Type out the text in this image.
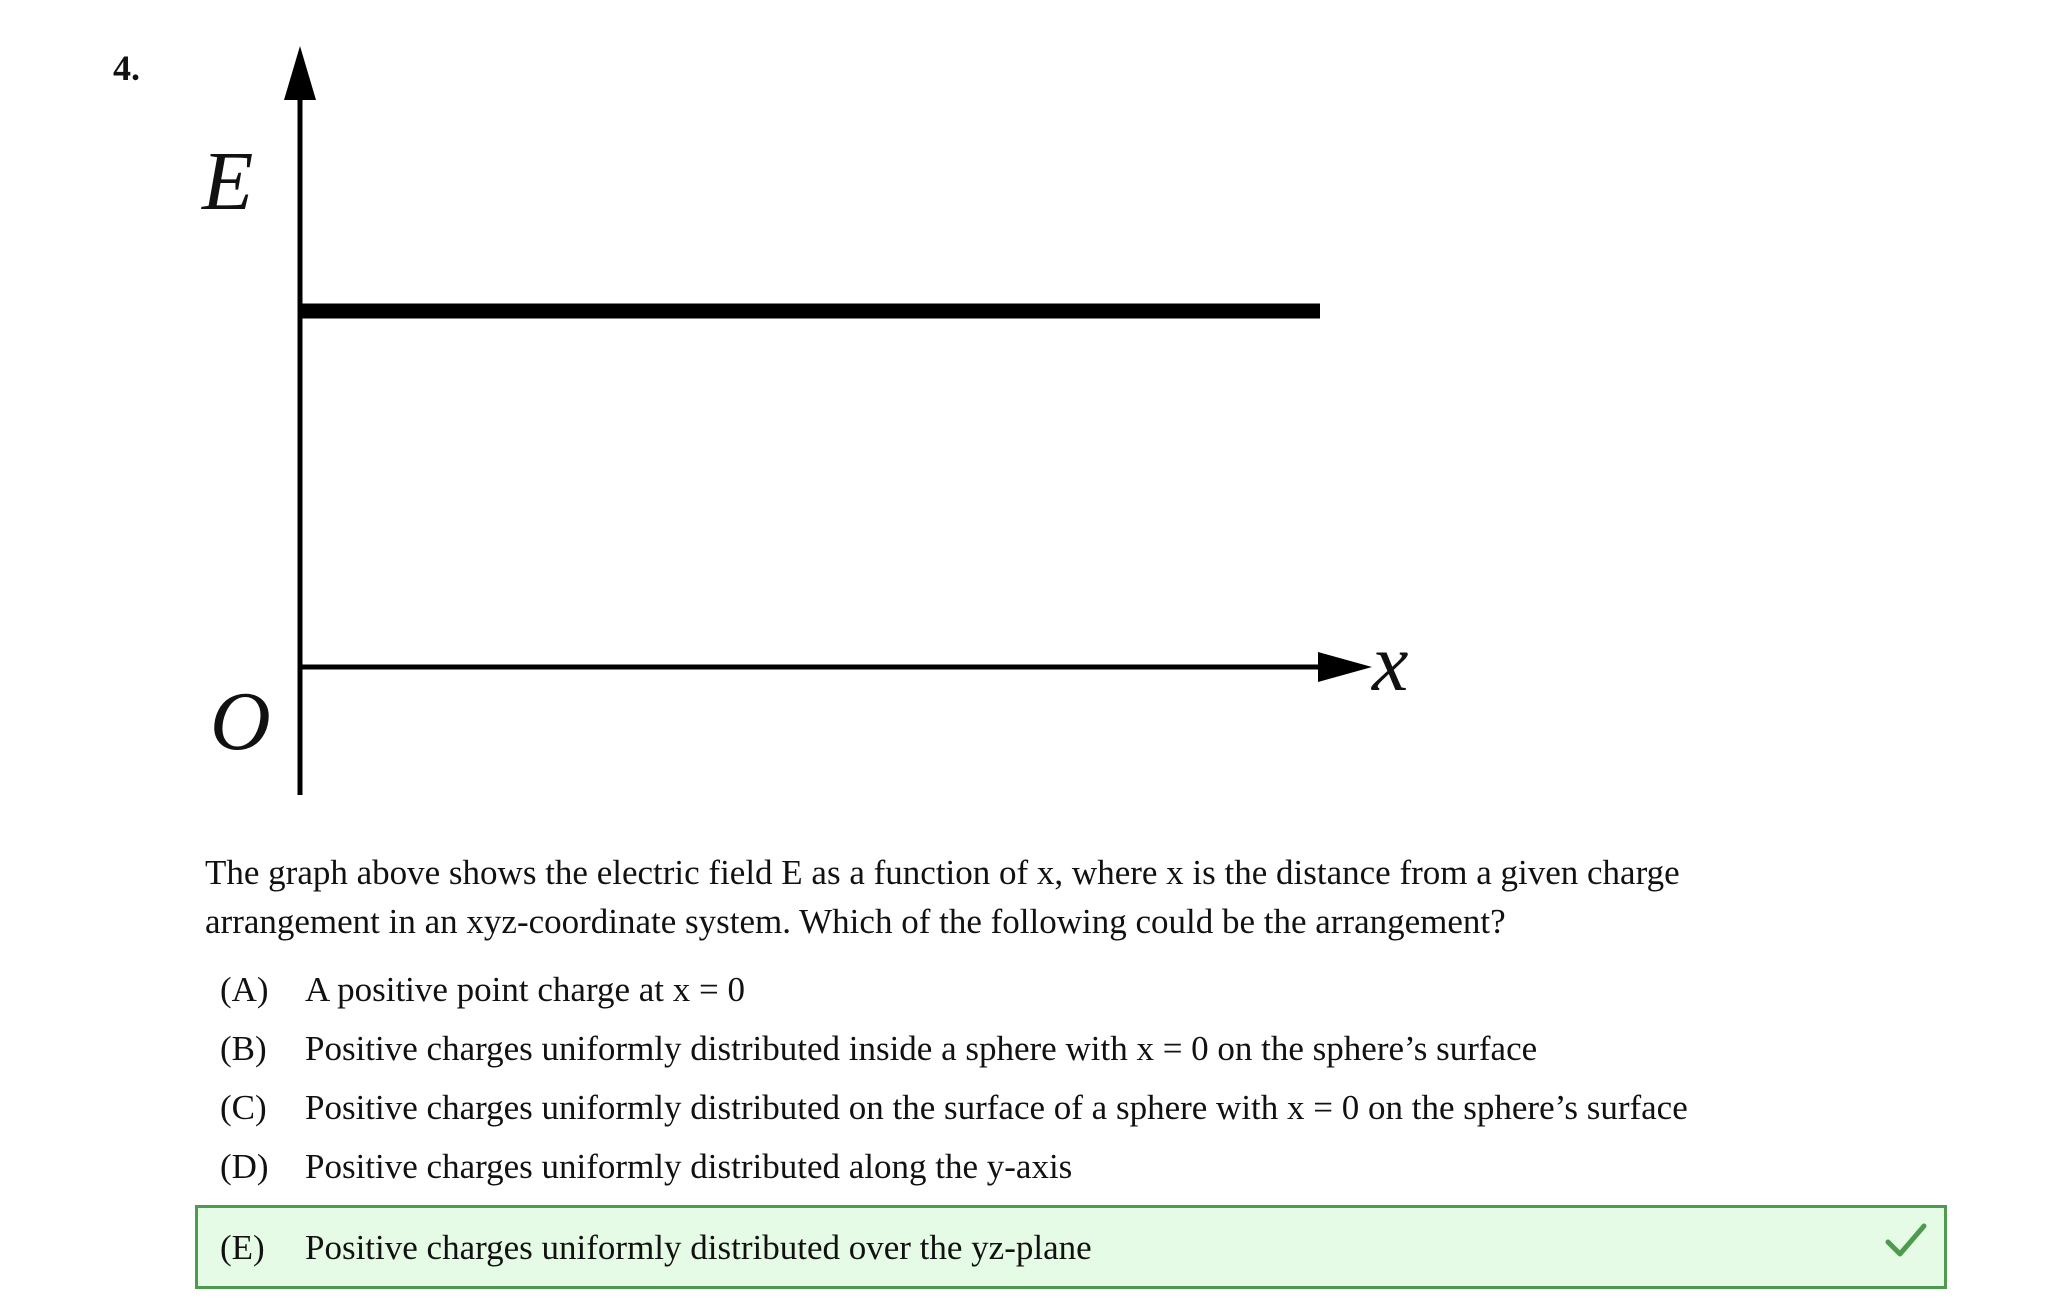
4.
E
O
x

The graph above shows the electric field E as a function of x, where x is the distance from a given charge

arrangement in an xyz-coordinate system. Which of the following could be the arrangement?

(A) A positive point charge at x = 0
(B) Positive charges uniformly distributed inside a sphere with x = 0 on the sphere’s surface
(C) Positive charges uniformly distributed on the surface of a sphere with x = 0 on the sphere’s surface
(D) Positive charges uniformly distributed along the y-axis
(E) Positive charges uniformly distributed over the yz-plane
